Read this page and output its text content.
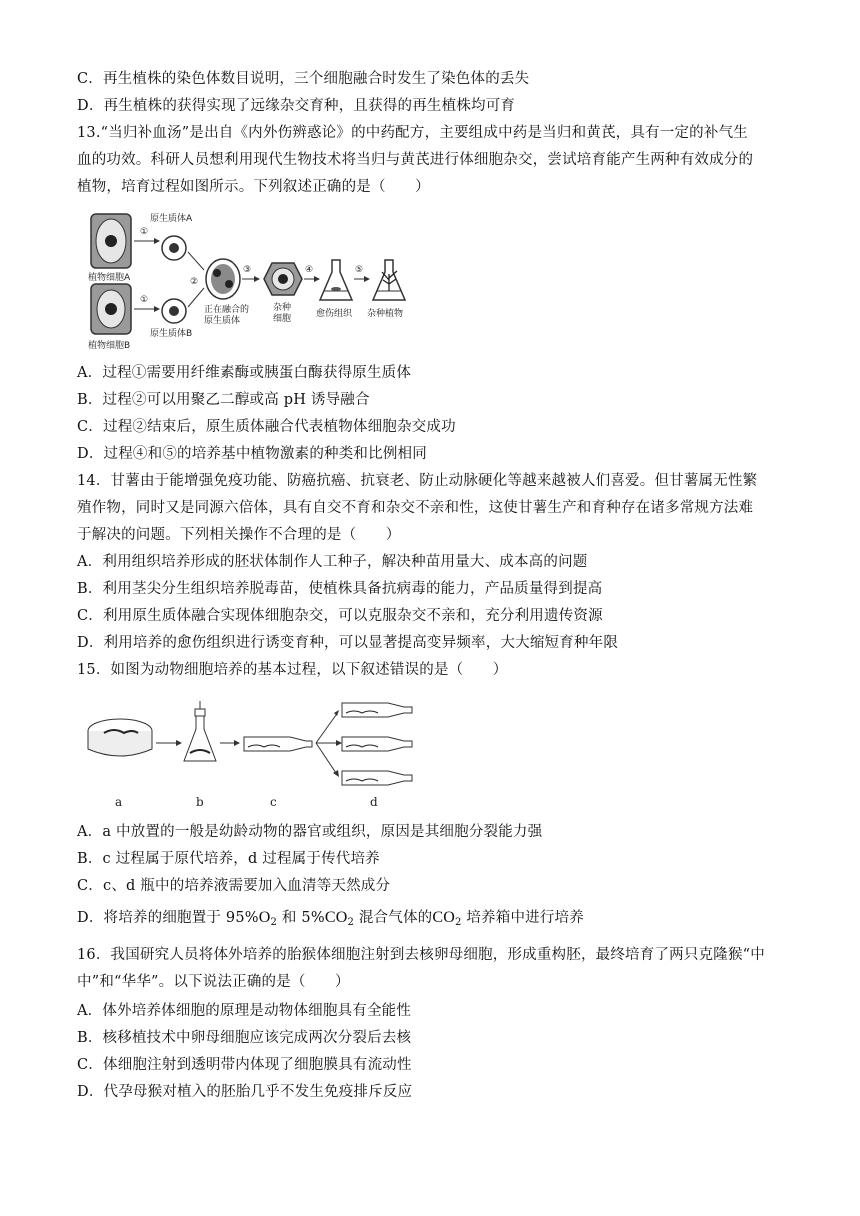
C．再生植株的染色体数目说明，三个细胞融合时发生了染色体的丢失
D．再生植株的获得实现了远缘杂交育种，且获得的再生植株均可育
13.“当归补血汤”是出自《内外伤辨惑论》的中药配方，主要组成中药是当归和黄芪，具有一定的补气生
血的功效。科研人员想利用现代生物技术将当归与黄芪进行体细胞杂交，尝试培育能产生两种有效成分的
植物，培育过程如图所示。下列叙述正确的是（　　）
植物细胞A
植物细胞B
①
①
原生质体A
原生质体B
②
正在融合的
原生质体
③
杂种
细胞
④
愈伤组织
⑤
杂种植物
A．过程①需要用纤维素酶或胰蛋白酶获得原生质体
B．过程②可以用聚乙二醇或高 pH 诱导融合
C．过程②结束后，原生质体融合代表植物体细胞杂交成功
D．过程④和⑤的培养基中植物激素的种类和比例相同
14．甘薯由于能增强免疫功能、防癌抗癌、抗衰老、防止动脉硬化等越来越被人们喜爱。但甘薯属无性繁
殖作物，同时又是同源六倍体，具有自交不育和杂交不亲和性，这使甘薯生产和育种存在诸多常规方法难
于解决的问题。下列相关操作不合理的是（　　）
A．利用组织培养形成的胚状体制作人工种子，解决种苗用量大、成本高的问题
B．利用茎尖分生组织培养脱毒苗，使植株具备抗病毒的能力，产品质量得到提高
C．利用原生质体融合实现体细胞杂交，可以克服杂交不亲和，充分利用遗传资源
D．利用培养的愈伤组织进行诱变育种，可以显著提高变异频率，大大缩短育种年限
15．如图为动物细胞培养的基本过程，以下叙述错误的是（　　）
a	b	c	d
A．a 中放置的一般是幼龄动物的器官或组织，原因是其细胞分裂能力强
B．c 过程属于原代培养，d 过程属于传代培养
C．c、d 瓶中的培养液需要加入血清等天然成分
D．将培养的细胞置于 $95\%O_2$ 和 $5\%CO_2$ 混合气体的$CO_2$ 培养箱中进行培养
16．我国研究人员将体外培养的胎猴体细胞注射到去核卵母细胞，形成重构胚，最终培育了两只克隆猴“中
中”和“华华”。以下说法正确的是（　　）
A．体外培养体细胞的原理是动物体细胞具有全能性
B．核移植技术中卵母细胞应该完成两次分裂后去核
C．体细胞注射到透明带内体现了细胞膜具有流动性
D．代孕母猴对植入的胚胎几乎不发生免疫排斥反应
